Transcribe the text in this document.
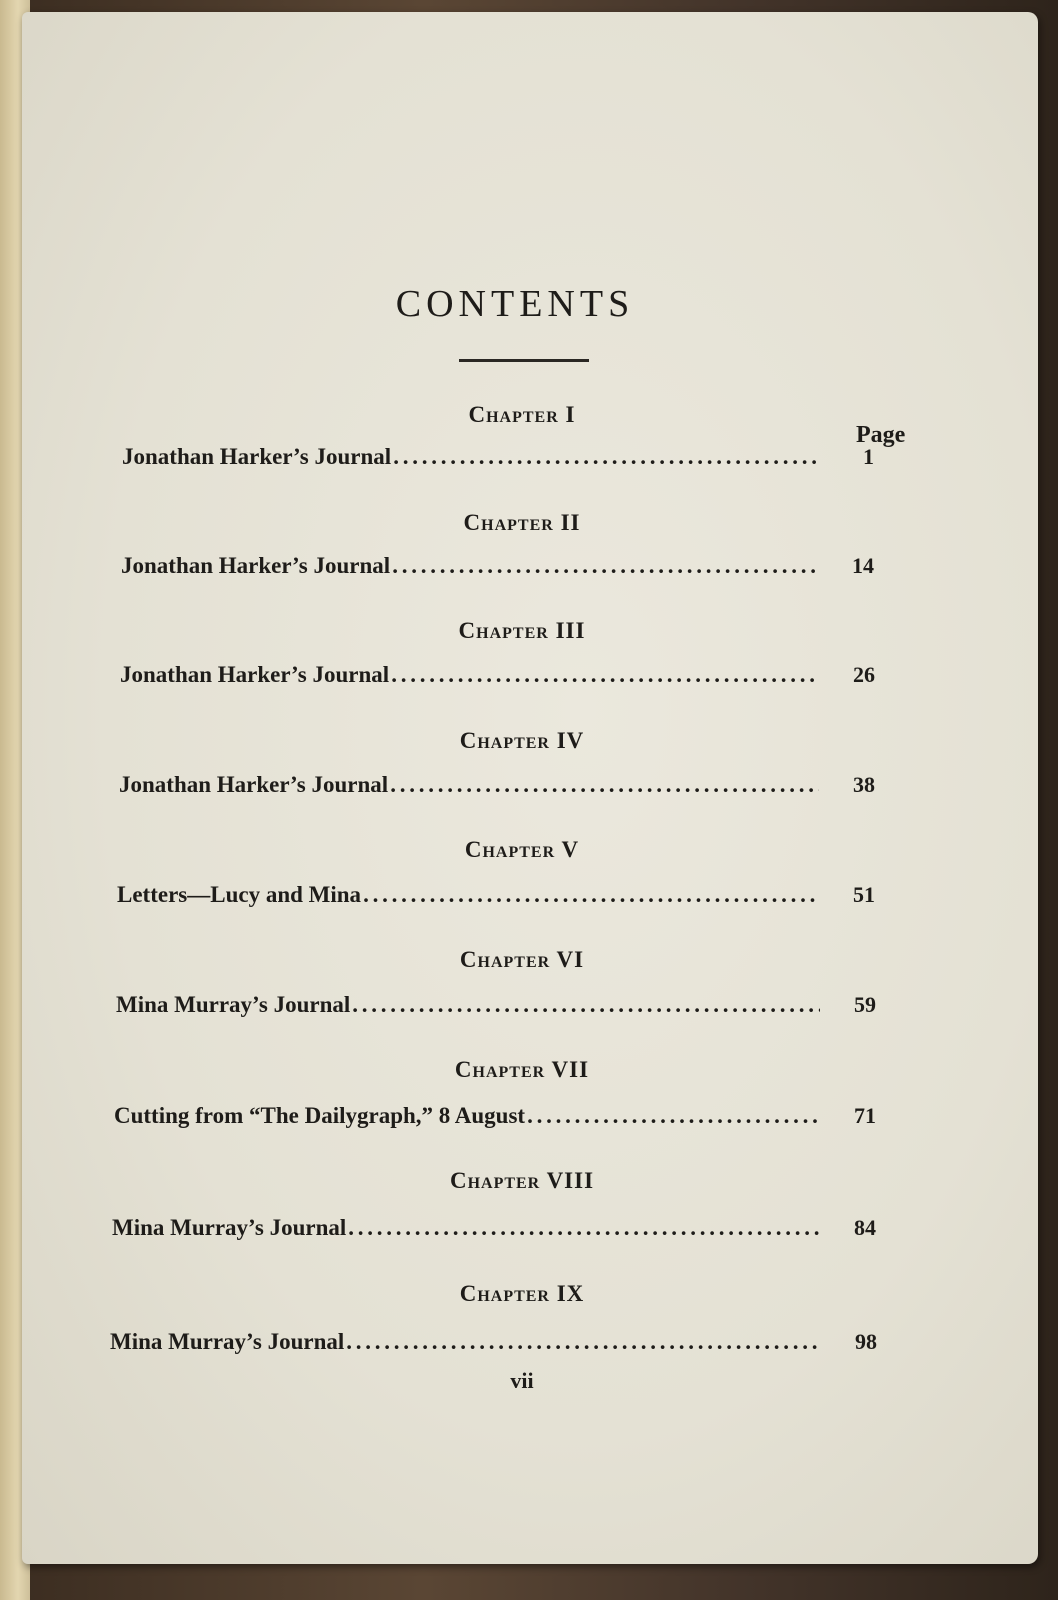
CONTENTS
Page
Chapter I
Jonathan Harker’s Journal . . .	1
Chapter II
Jonathan Harker’s Journal . . .	14
Chapter III
Jonathan Harker’s Journal . . .	26
Chapter IV
Jonathan Harker’s Journal . . .	38
Chapter V
Letters—Lucy and Mina . . .	51
Chapter VI
Mina Murray’s Journal . . .	59
Chapter VII
Cutting from “The Dailygraph,” 8 August . . .	71
Chapter VIII
Mina Murray’s Journal . . .	84
Chapter IX
Mina Murray’s Journal . . .	98
vii
